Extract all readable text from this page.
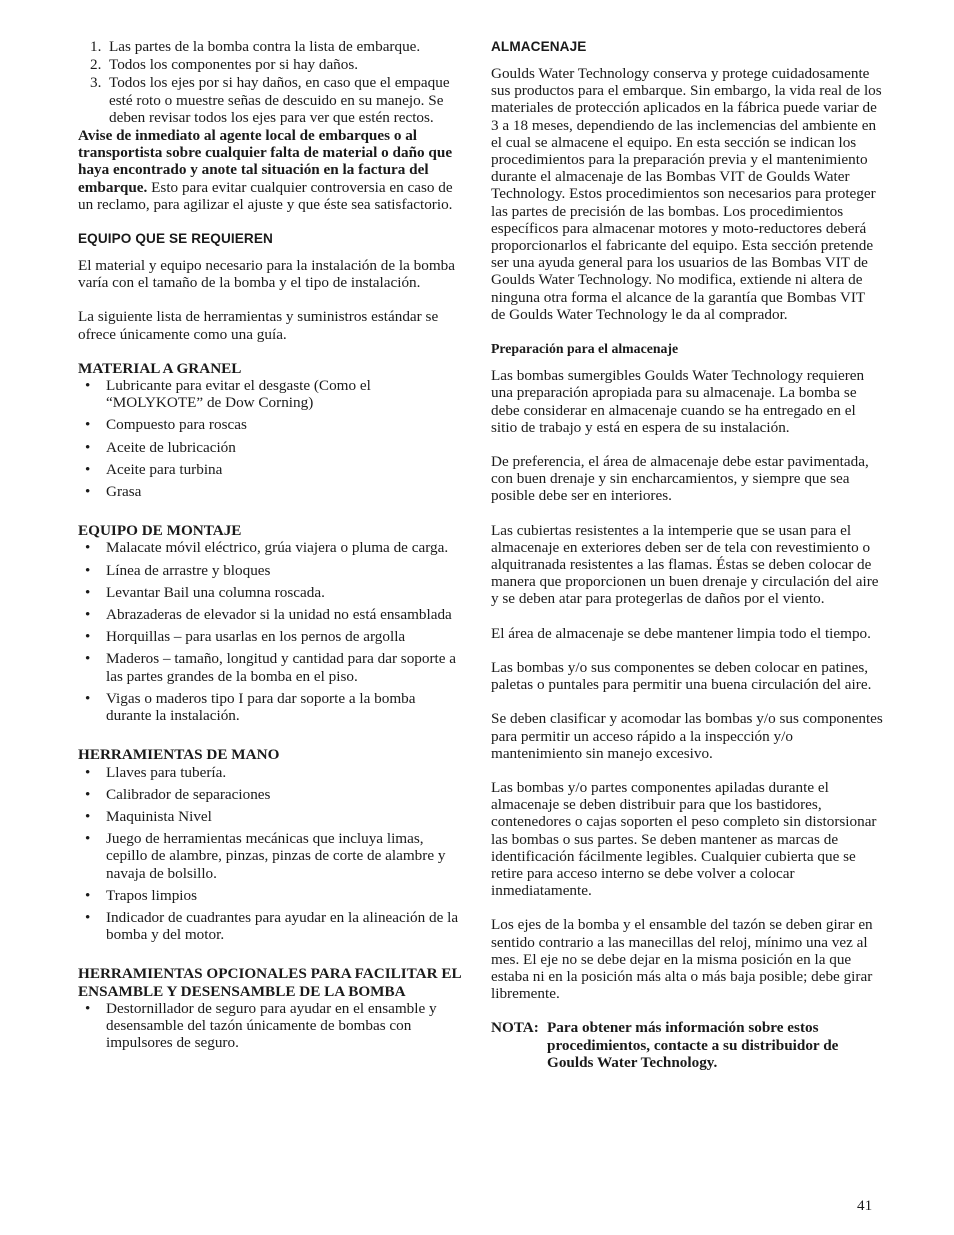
1. Las partes de la bomba contra la lista de embarque.
2. Todos los componentes por si hay daños.
3. Todos los ejes por si hay daños, en caso que el empaque esté roto o muestre señas de descuido en su manejo. Se deben revisar todos los ejes para ver que estén rectos.

Avise de inmediato al agente local de embarques o al transportista sobre cualquier falta de material o daño que haya encontrado y anote tal situación en la factura del embarque. Esto para evitar cualquier controversia en caso de un reclamo, para agilizar el ajuste y que éste sea satisfactorio.

EQUIPO QUE SE REQUIEREN

El material y equipo necesario para la instalación de la bomba varía con el tamaño de la bomba y el tipo de instalación.

La siguiente lista de herramientas y suministros estándar se ofrece únicamente como una guía.

MATERIAL A GRANEL

• Lubricante para evitar el desgaste (Como el “MOLYKOTE” de Dow Corning)
• Compuesto para roscas
• Aceite de lubricación
• Aceite para turbina
• Grasa

EQUIPO DE MONTAJE

• Malacate móvil eléctrico, grúa viajera o pluma de carga.
• Línea de arrastre y bloques
• Levantar Bail una columna roscada.
• Abrazaderas de elevador si la unidad no está ensamblada
• Horquillas – para usarlas en los pernos de argolla
• Maderos – tamaño, longitud y cantidad para dar soporte a las partes grandes de la bomba en el piso.
• Vigas o maderos tipo I para dar soporte a la bomba durante la instalación.

HERRAMIENTAS DE MANO

• Llaves para tubería.
• Calibrador de separaciones
• Maquinista Nivel
• Juego de herramientas mecánicas que incluya limas, cepillo de alambre, pinzas, pinzas de corte de alambre y navaja de bolsillo.
• Trapos limpios
• Indicador de cuadrantes para ayudar en la alineación de la bomba y del motor.

HERRAMIENTAS OPCIONALES PARA FACILITAR EL ENSAMBLE Y DESENSAMBLE DE LA BOMBA

• Destornillador de seguro para ayudar en el ensamble y desensamble del tazón únicamente de bombas con impulsores de seguro.

ALMACENAJE

Goulds Water Technology conserva y protege cuidadosamente sus productos para el embarque. Sin embargo, la vida real de los materiales de protección aplicados en la fábrica puede variar de 3 a 18 meses, dependiendo de las inclemencias del ambiente en el cual se almacene el equipo. En esta sección se indican los procedimientos para la preparación previa y el mantenimiento durante el almacenaje de las Bombas VIT de Goulds Water Technology. Estos procedimientos son necesarios para proteger las partes de precisión de las bombas. Los procedimientos específicos para almacenar motores y moto-reductores deberá proporcionarlos el fabricante del equipo. Esta sección pretende ser una ayuda general para los usuarios de las Bombas VIT de Goulds Water Technology. No modifica, extiende ni altera de ninguna otra forma el alcance de la garantía que Bombas VIT de Goulds Water Technology le da al comprador.

Preparación para el almacenaje

Las bombas sumergibles Goulds Water Technology requieren una preparación apropiada para su almacenaje. La bomba se debe considerar en almacenaje cuando se ha entregado en el sitio de trabajo y está en espera de su instalación.

De preferencia, el área de almacenaje debe estar pavimentada, con buen drenaje y sin encharcamientos, y siempre que sea posible debe ser en interiores.

Las cubiertas resistentes a la intemperie que se usan para el almacenaje en exteriores deben ser de tela con revestimiento o alquitranada resistentes a las flamas. Éstas se deben colocar de manera que proporcionen un buen drenaje y circulación del aire y se deben atar para protegerlas de daños por el viento.

El área de almacenaje se debe mantener limpia todo el tiempo.

Las bombas y/o sus componentes se deben colocar en patines, paletas o puntales para permitir una buena circulación del aire.

Se deben clasificar y acomodar las bombas y/o sus componentes para permitir un acceso rápido a la inspección y/o mantenimiento sin manejo excesivo.

Las bombas y/o partes componentes apiladas durante el almacenaje se deben distribuir para que los bastidores, contenedores o cajas soporten el peso completo sin distorsionar las bombas o sus partes. Se deben mantener as marcas de identificación fácilmente legibles. Cualquier cubierta que se retire para acceso interno se debe volver a colocar inmediatamente.

Los ejes de la bomba y el ensamble del tazón se deben girar en sentido contrario a las manecillas del reloj, mínimo una vez al mes. El eje no se debe dejar en la misma posición en la que estaba ni en la posición más alta o más baja posible; debe girar libremente.

NOTA: Para obtener más información sobre estos procedimientos, contacte a su distribuidor de Goulds Water Technology.
41
